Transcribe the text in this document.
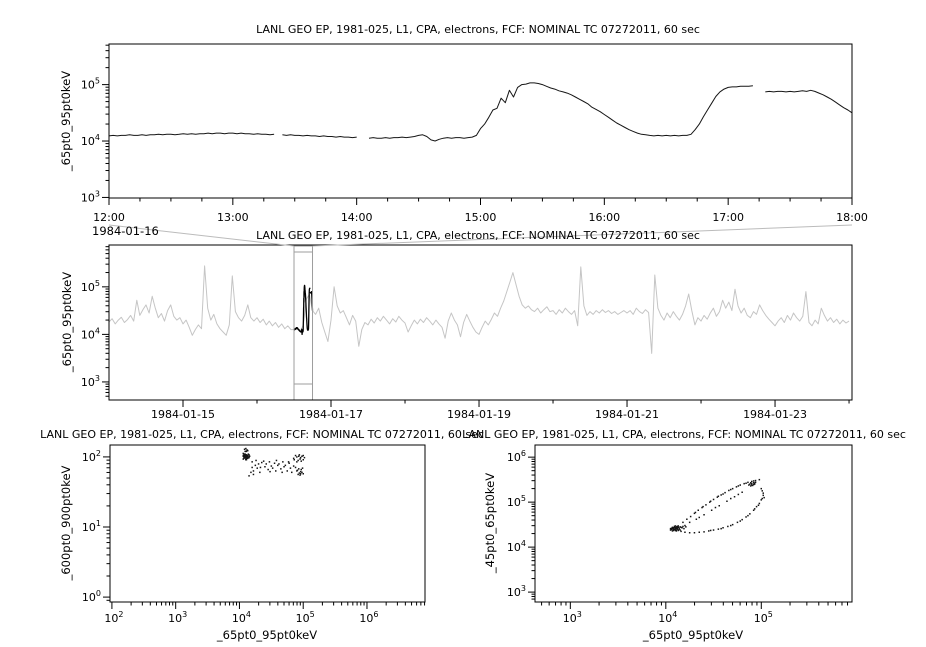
$10^3$
$10^4$
$10^5$
12:00	13:00	14:00	15:00	16:00	17:00	18:00
$10^3$
$10^4$
$10^5$
1984-01-15	1984-01-17	1984-01-19	1984-01-21	1984-01-23
$10^0$
$10^1$
$10^2$
$10^2$	$10^3$	$10^4$	$10^5$	$10^6$
$10^3$
$10^4$
$10^5$
$10^6$
$10^3$	$10^4$	$10^5$
LANL GEO EP, 1981-025, L1, CPA, electrons, FCF: NOMINAL TC 07272011, 60 sec
LANL GEO EP, 1981-025, L1, CPA, electrons, FCF: NOMINAL TC 07272011, 60 sec
LANL GEO EP, 1981-025, L1, CPA, electrons, FCF: NOMINAL TC 07272011, 60 sec
LANL GEO EP, 1981-025, L1, CPA, electrons, FCF: NOMINAL TC 07272011, 60 sec
_65pt0_95pt0keV
_65pt0_95pt0keV
_600pt0_900pt0keV	_45pt0_65pt0keV
_65pt0_95pt0keV	_65pt0_95pt0keV
1984-01-16
